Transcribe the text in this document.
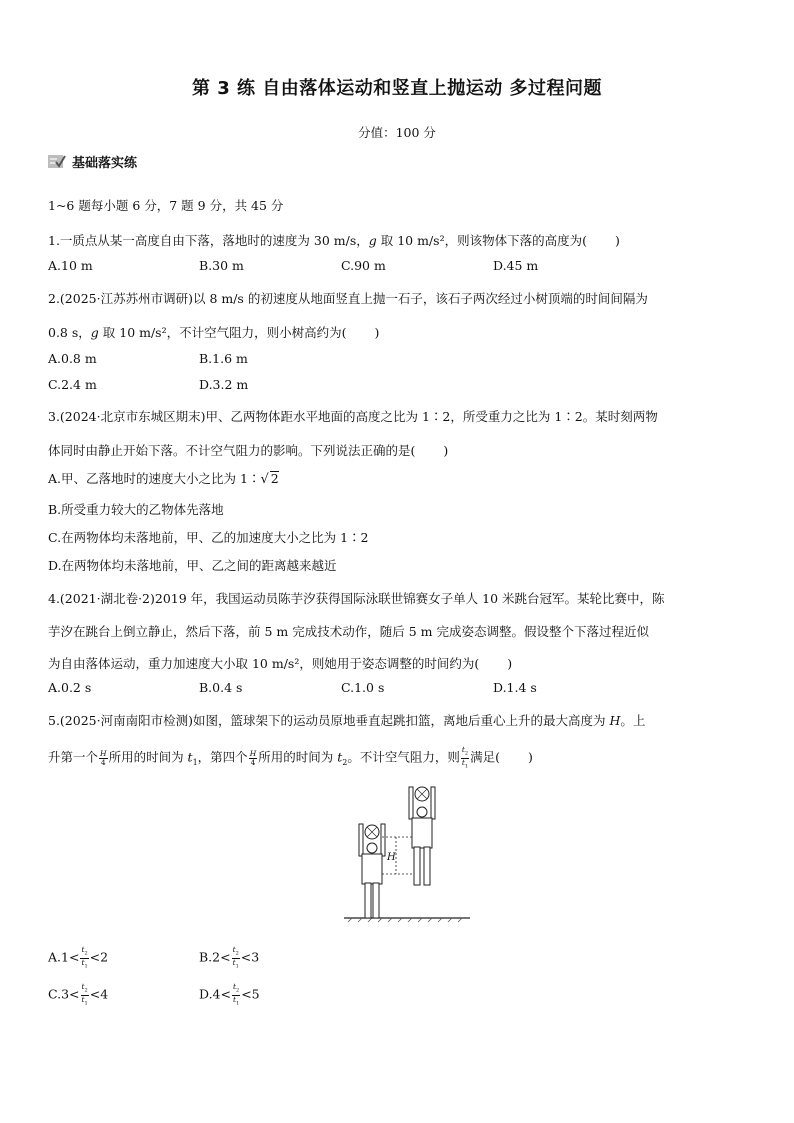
第 3 练 自由落体运动和竖直上抛运动 多过程问题
分值：100 分
基础落实练
1~6 题每小题 6 分，7 题 9 分，共 45 分
1.一质点从某一高度自由下落，落地时的速度为 30 m/s，g 取 10 m/s²，则该物体下落的高度为( )
A.10 m	B.30 m	C.90 m	D.45 m
2.(2025·江苏苏州市调研)以 8 m/s 的初速度从地面竖直上抛一石子，该石子两次经过小树顶端的时间间隔为
0.8 s，g 取 10 m/s²，不计空气阻力，则小树高约为( )
A.0.8 m	B.1.6 m
C.2.4 m	D.3.2 m
3.(2024·北京市东城区期末)甲、乙两物体距水平地面的高度之比为 1∶2，所受重力之比为 1∶2。某时刻两物
体同时由静止开始下落。不计空气阻力的影响。下列说法正确的是( )
A.甲、乙落地时的速度大小之比为 1∶√ 2
B.所受重力较大的乙物体先落地
C.在两物体均未落地前，甲、乙的加速度大小之比为 1∶2
D.在两物体均未落地前，甲、乙之间的距离越来越近
4.(2021·湖北卷·2)2019 年，我国运动员陈芋汐获得国际泳联世锦赛女子单人 10 米跳台冠军。某轮比赛中，陈
芋汐在跳台上倒立静止，然后下落，前 5 m 完成技术动作，随后 5 m 完成姿态调整。假设整个下落过程近似
为自由落体运动，重力加速度大小取 10 m/s²，则她用于姿态调整的时间约为( )
A.0.2 s	B.0.4 s	C.1.0 s	D.1.4 s
5.(2025·河南南阳市检测)如图，篮球架下的运动员原地垂直起跳扣篮，离地后重心上升的最大高度为 H。上
升第一个 $\frac{H}{4}$ 所用的时间为 $t_1$，第四个 $\frac{H}{4}$ 所用的时间为 $t_2$。不计空气阻力，则 $\frac{t_2}{t_1}$ 满足( )
H
$A.1< \frac{t_2}{t_1} <2$	$B.2< \frac{t_2}{t_1} <3$
$C.3< \frac{t_2}{t_1} <4$	$D.4< \frac{t_2}{t_1} <5$
